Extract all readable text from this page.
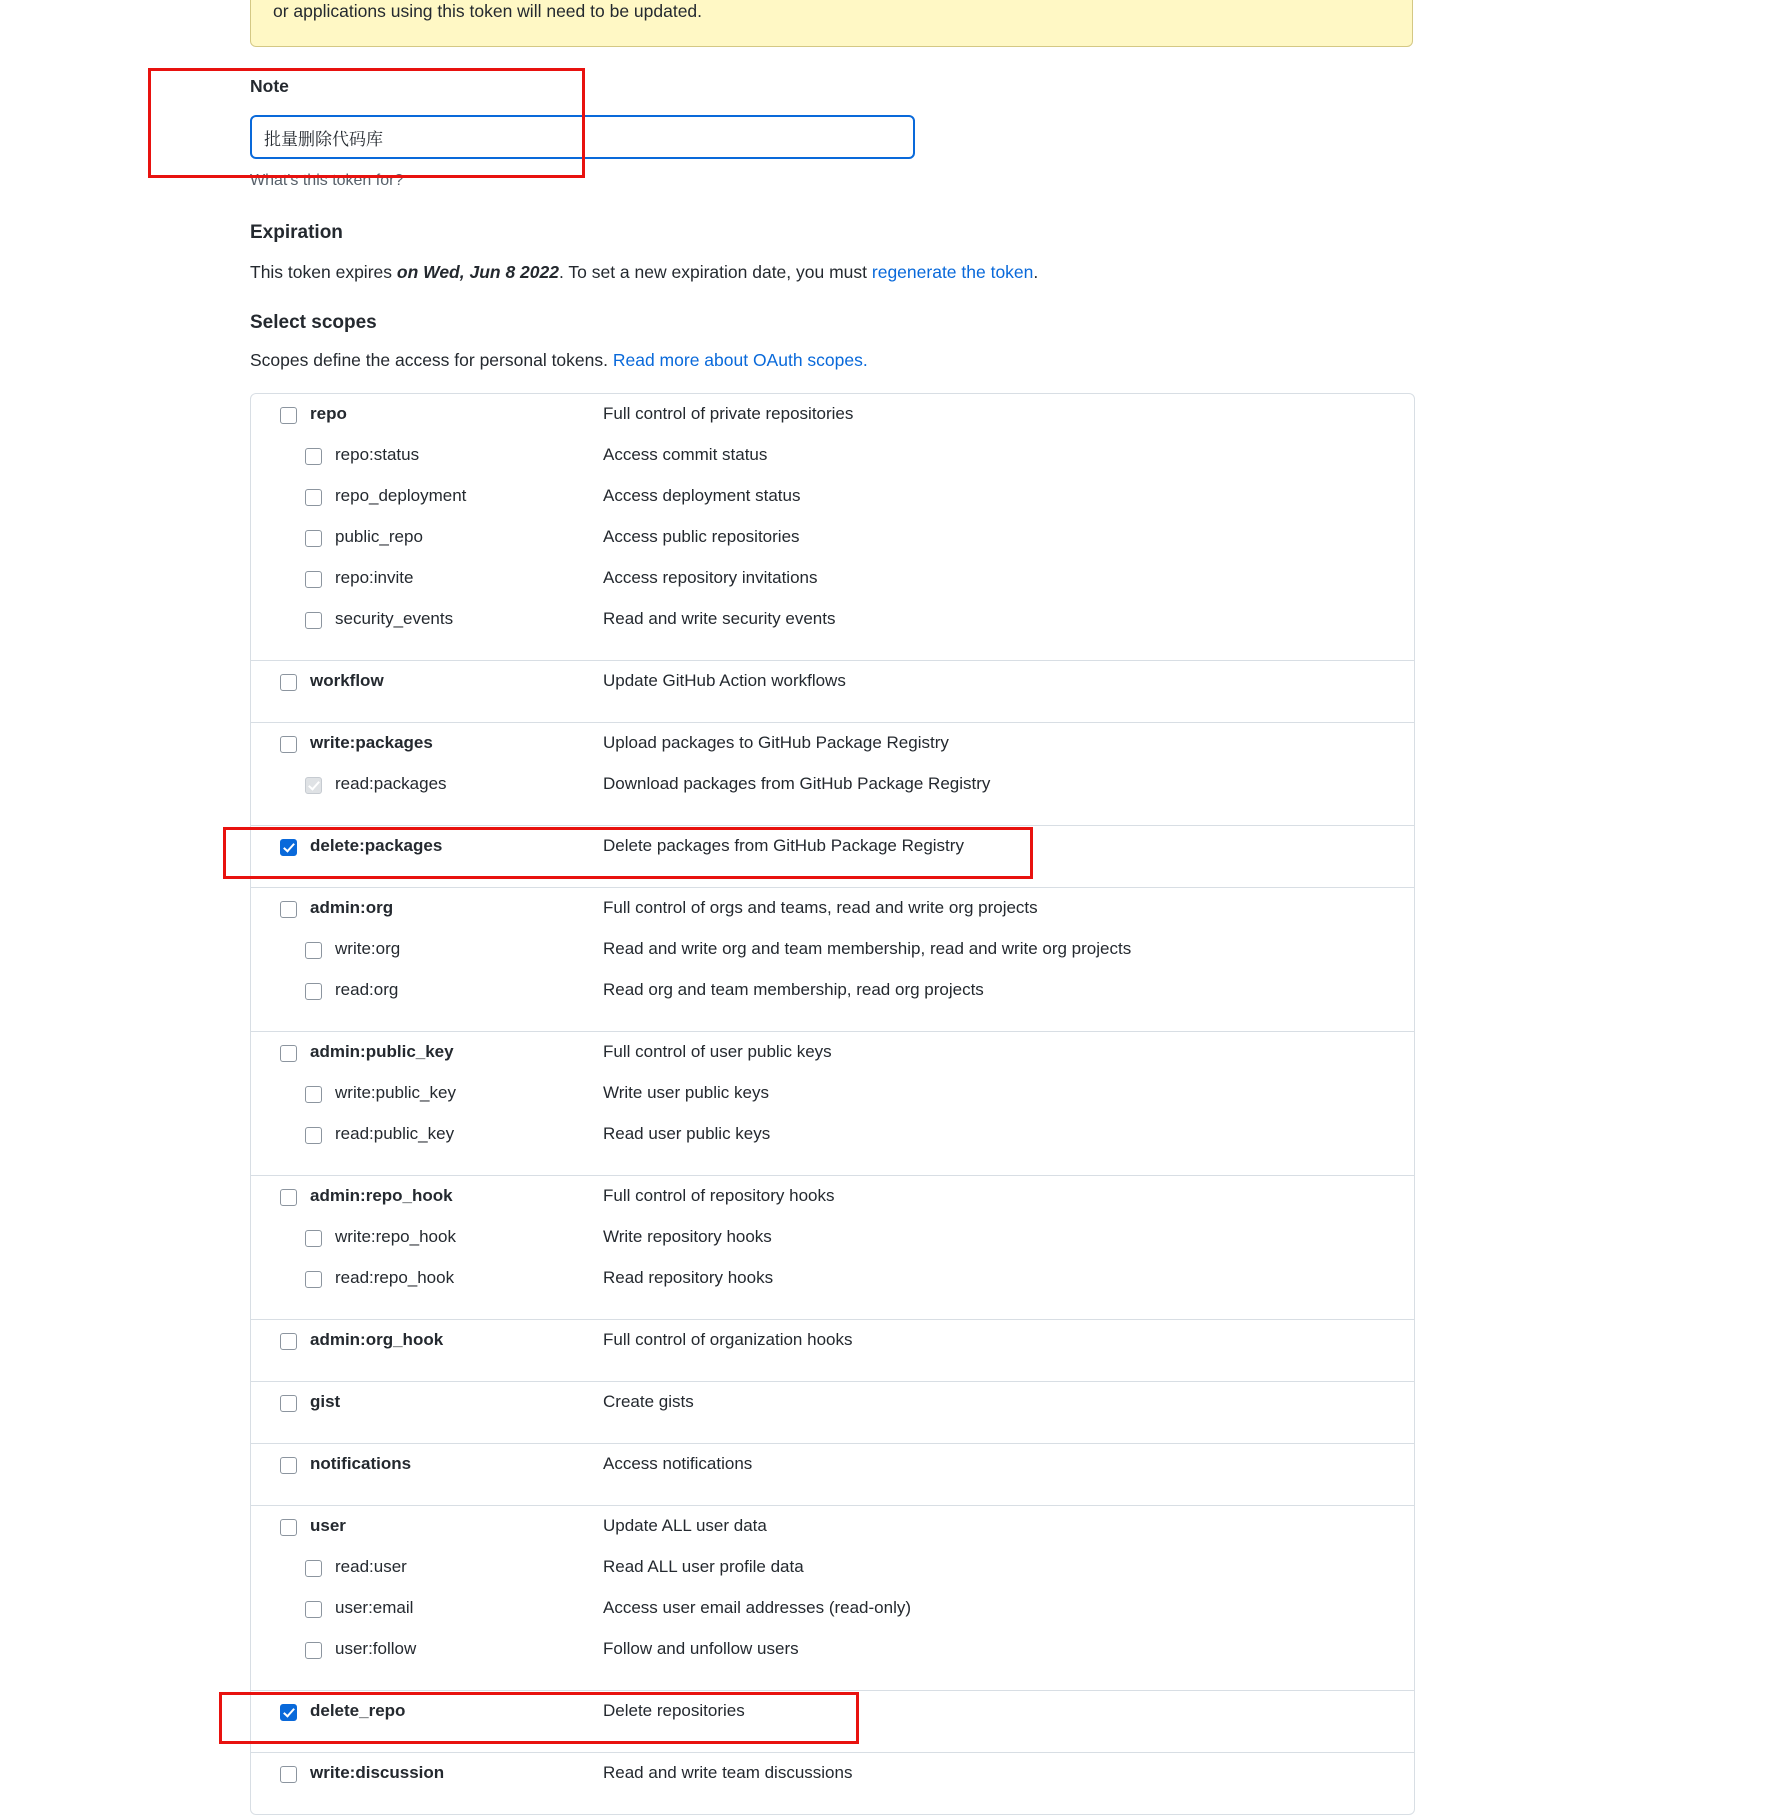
or applications using this token will need to be updated.
Note
批量删除代码库
What's this token for?
Expiration
This token expires on Wed, Jun 8 2022. To set a new expiration date, you must regenerate the token.
Select scopes
Scopes define the access for personal tokens. Read more about OAuth scopes.
repo	Full control of private repositories
repo:status	Access commit status
repo_deployment	Access deployment status
public_repo	Access public repositories
repo:invite	Access repository invitations
security_events	Read and write security events
workflow	Update GitHub Action workflows
write:packages	Upload packages to GitHub Package Registry
read:packages	Download packages from GitHub Package Registry
delete:packages	Delete packages from GitHub Package Registry
admin:org	Full control of orgs and teams, read and write org projects
write:org	Read and write org and team membership, read and write org projects
read:org	Read org and team membership, read org projects
admin:public_key	Full control of user public keys
write:public_key	Write user public keys
read:public_key	Read user public keys
admin:repo_hook	Full control of repository hooks
write:repo_hook	Write repository hooks
read:repo_hook	Read repository hooks
admin:org_hook	Full control of organization hooks
gist	Create gists
notifications	Access notifications
user	Update ALL user data
read:user	Read ALL user profile data
user:email	Access user email addresses (read-only)
user:follow	Follow and unfollow users
delete_repo	Delete repositories
write:discussion	Read and write team discussions
